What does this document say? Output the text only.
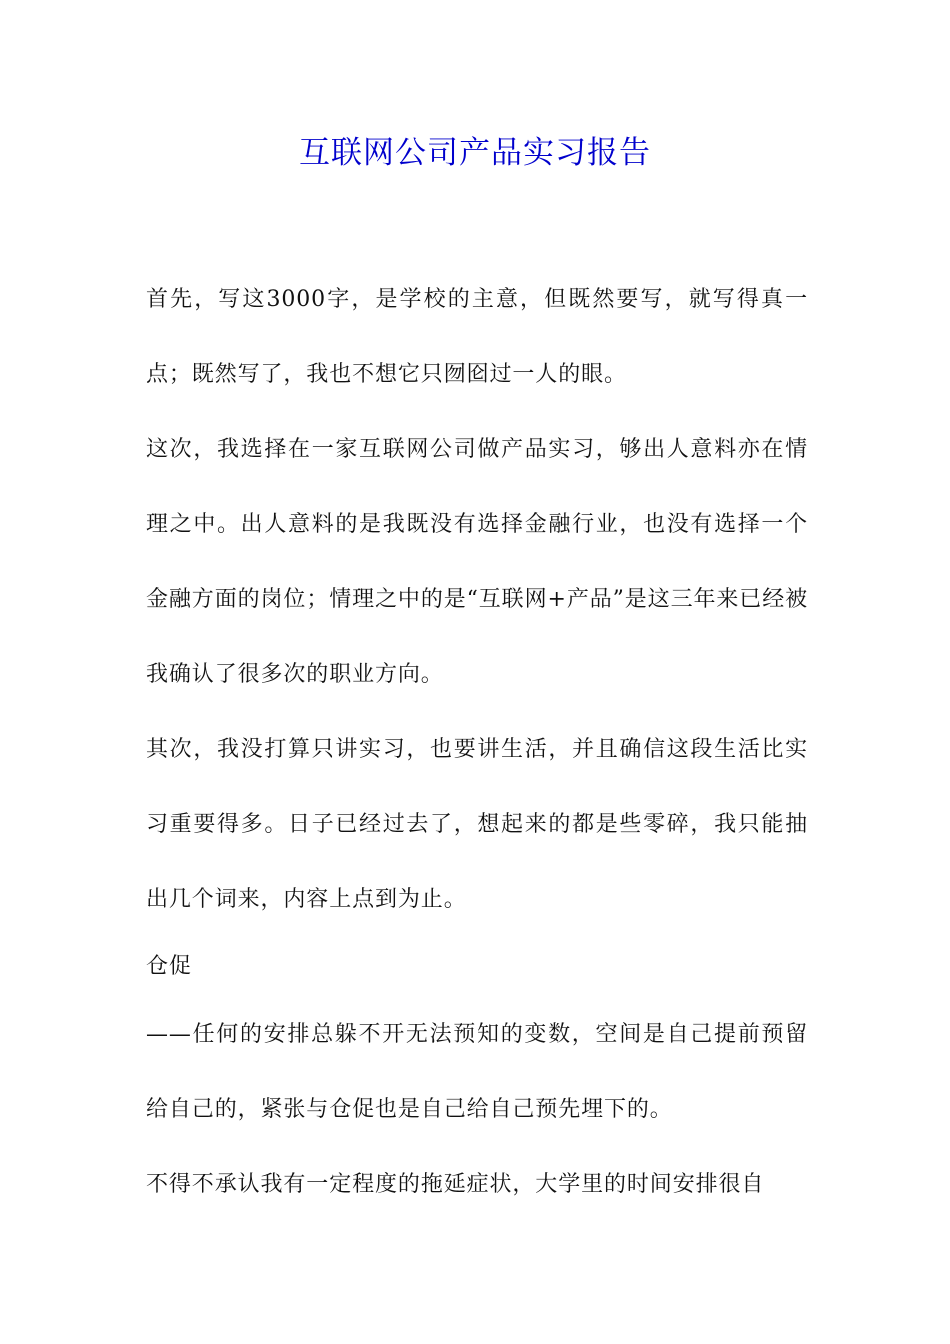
互联网公司产品实习报告

首先，写这3000字，是学校的主意，但既然要写，就写得真一点；既然写了，我也不想它只囫囵过一人的眼。

这次，我选择在一家互联网公司做产品实习，够出人意料亦在情理之中。出人意料的是我既没有选择金融行业，也没有选择一个金融方面的岗位；情理之中的是“互联网+产品”是这三年来已经被我确认了很多次的职业方向。

其次，我没打算只讲实习，也要讲生活，并且确信这段生活比实习重要得多。日子已经过去了，想起来的都是些零碎，我只能抽出几个词来，内容上点到为止。

仓促

——任何的安排总躲不开无法预知的变数，空间是自己提前预留给自己的，紧张与仓促也是自己给自己预先埋下的。

不得不承认我有一定程度的拖延症状，大学里的时间安排很自
